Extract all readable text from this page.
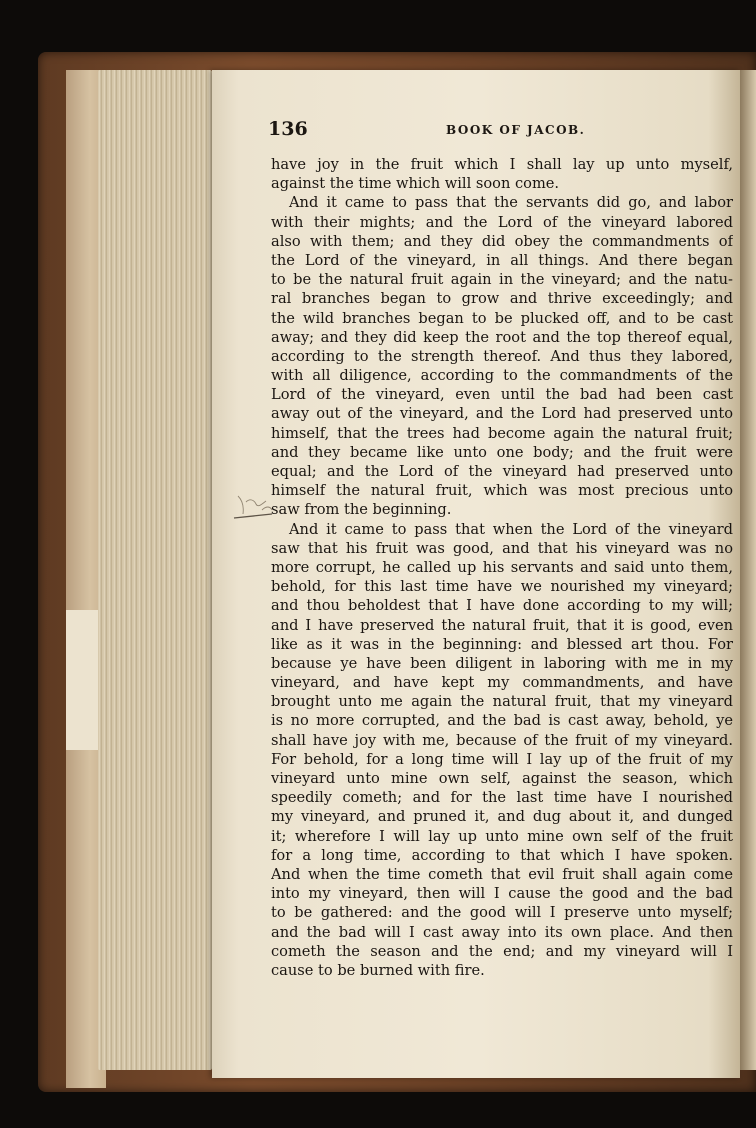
136	BOOK OF JACOB.
have joy in the fruit which I shall lay up unto myself,
against the time which will soon come.
And it came to pass that the servants did go, and labor
with their mights; and the Lord of the vineyard labored
also with them; and they did obey the commandments of
the Lord of the vineyard, in all things. And there began
to be the natural fruit again in the vineyard; and the natu-
ral branches began to grow and thrive exceedingly; and
the wild branches began to be plucked off, and to be cast
away; and they did keep the root and the top thereof equal,
according to the strength thereof. And thus they labored,
with all diligence, according to the commandments of the
Lord of the vineyard, even until the bad had been cast
away out of the vineyard, and the Lord had preserved unto
himself, that the trees had become again the natural fruit;
and they became like unto one body; and the fruit were
equal; and the Lord of the vineyard had preserved unto
himself the natural fruit, which was most precious unto
saw from the beginning.
And it came to pass that when the Lord of the vineyard
saw that his fruit was good, and that his vineyard was no
more corrupt, he called up his servants and said unto them,
behold, for this last time have we nourished my vineyard;
and thou beholdest that I have done according to my will;
and I have preserved the natural fruit, that it is good, even
like as it was in the beginning: and blessed art thou. For
because ye have been diligent in laboring with me in my
vineyard, and have kept my commandments, and have
brought unto me again the natural fruit, that my vineyard
is no more corrupted, and the bad is cast away, behold, ye
shall have joy with me, because of the fruit of my vineyard.
For behold, for a long time will I lay up of the fruit of my
vineyard unto mine own self, against the season, which
speedily cometh; and for the last time have I nourished
my vineyard, and pruned it, and dug about it, and dunged
it; wherefore I will lay up unto mine own self of the fruit
for a long time, according to that which I have spoken.
And when the time cometh that evil fruit shall again come
into my vineyard, then will I cause the good and the bad
to be gathered: and the good will I preserve unto myself;
and the bad will I cast away into its own place. And then
cometh the season and the end; and my vineyard will I
cause to be burned with fire.
